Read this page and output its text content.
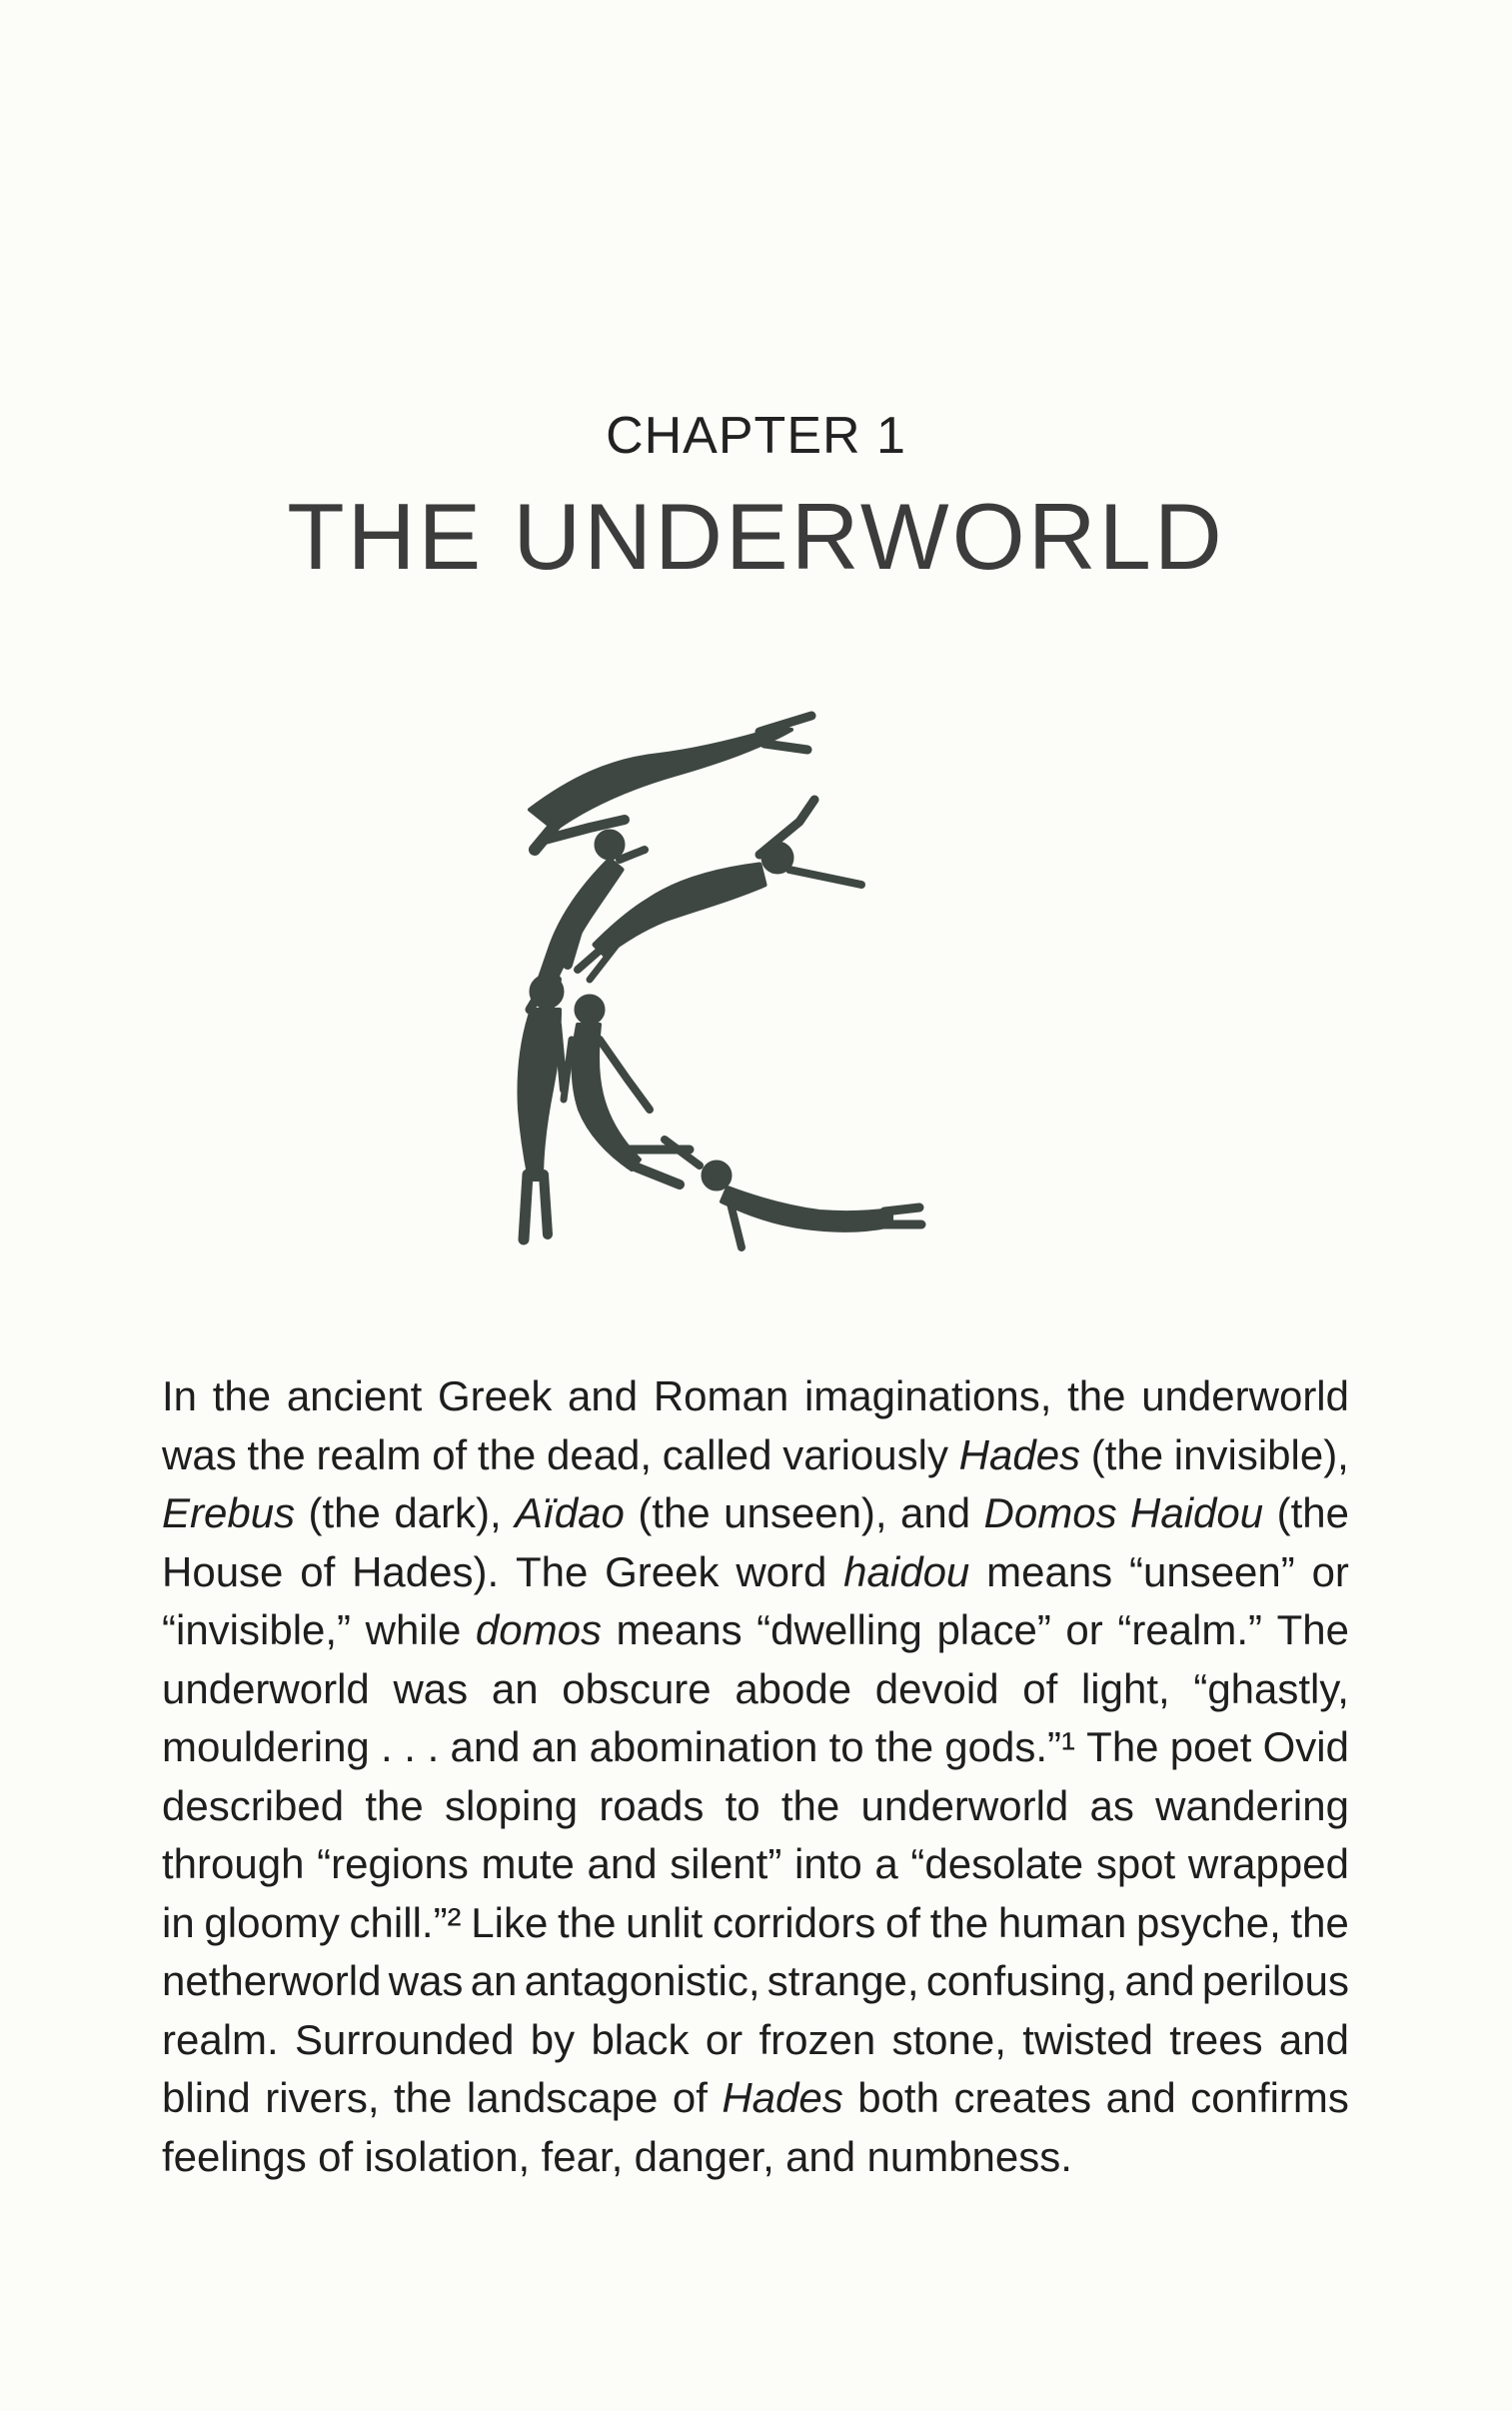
CHAPTER 1
THE UNDERWORLD
In the ancient Greek and Roman imaginations, the underworld
was the realm of the dead, called variously Hades (the invisible),
Erebus (the dark), Aïdao (the unseen), and Domos Haidou (the
House of Hades). The Greek word haidou means “unseen” or
“invisible,” while domos means “dwelling place” or “realm.” The
underworld was an obscure abode devoid of light, “ghastly,
mouldering . . . and an abomination to the gods.”¹ The poet Ovid
described the sloping roads to the underworld as wandering
through “regions mute and silent” into a “desolate spot wrapped
in gloomy chill.”² Like the unlit corridors of the human psyche, the
netherworld was an antagonistic, strange, confusing, and perilous
realm. Surrounded by black or frozen stone, twisted trees and
blind rivers, the landscape of Hades both creates and confirms
feelings of isolation, fear, danger, and numbness.
